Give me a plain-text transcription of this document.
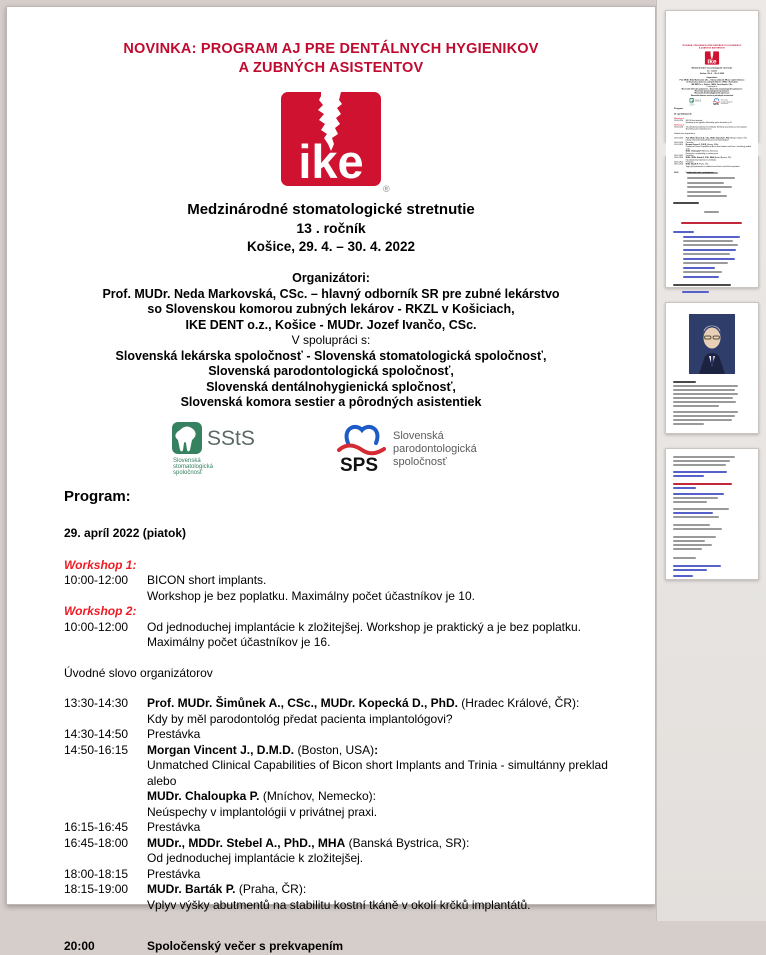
NOVINKA: PROGRAM AJ PRE DENTÁLNYCH HYGIENIKOV
A ZUBNÝCH ASISTENTOV
ike
®
Medzinárodné stomatologické stretnutie
13 . ročník
Košice, 29. 4. – 30. 4. 2022
Organizátori:
Prof. MUDr. Neda Markovská, CSc. – hlavný odborník SR pre zubné lekárstvo
so Slovenskou komorou zubných lekárov - RKZL v Košiciach,
IKE DENT o.z., Košice - MUDr. Jozef Ivančo, CSc.
V spolupráci s:
Slovenská lekárska spoločnosť - Slovenská stomatologická spoločnosť,
Slovenská parodontologická spoločnosť,
Slovenská dentálnohygienická spločnosť,
Slovenská komora sestier a pôrodných asistentiek
SStS
Slovenská
stomatologická
spoločnosť	SPS
Slovenská
parodontologická
spoločnosť
Program:
29. apríl 2022 (piatok)
Workshop 1:
10:00-12:00	BICON short implants.
Workshop je bez poplatku. Maximálny počet účastníkov je 10.
Workshop 2:
10:00-12:00	Od jednoduchej implantácie k zložitejšej. Workshop je praktický a je bez poplatku.
Maximálny počet účastníkov je 16.
Úvodné slovo organizátorov
13:30-14:30	Prof. MUDr. Šimůnek A., CSc., MUDr. Kopecká D., PhD. (Hradec Králové, ČR):
Kdy by měl parodontológ předat pacienta implantológovi?
14:30-14:50	Prestávka
14:50-16:15	Morgan Vincent J., D.M.D. (Boston, USA):
Unmatched Clinical Capabilities of Bicon short Implants and Trinia - simultánny preklad
alebo
MUDr. Chaloupka P. (Mníchov, Nemecko):
Neúspechy v implantológii v privátnej praxi.
16:15-16:45	Prestávka
16:45-18:00	MUDr., MDDr. Stebel A., PhD., MHA (Banská Bystrica, SR):
Od jednoduchej implantácie k zložitejšej.
18:00-18:15	Prestávka
18:15-19:00	MUDr. Barták P. (Praha, ČR):
Vplyv výšky abutmentů na stabilitu kostní tkáně v okolí krčků implantátů.
20:00	Spoločenský večer s prekvapením
NOVINKA: PROGRAM AJ PRE DENTÁLNYCH HYGIENIKOV
A ZUBNÝCH ASISTENTOV
ike
®
Medzinárodné stomatologické stretnutie
13 . ročník
Košice, 29. 4. – 30. 4. 2022
Organizátori:
Prof. MUDr. Neda Markovská, CSc. – hlavný odborník SR pre zubné lekárstvo
so Slovenskou komorou zubných lekárov - RKZL v Košiciach,
IKE DENT o.z., Košice - MUDr. Jozef Ivančo, CSc.
V spolupráci s:
Slovenská lekárska spoločnosť - Slovenská stomatologická spoločnosť,
Slovenská parodontologická spoločnosť,
Slovenská dentálnohygienická spločnosť,
Slovenská komora sestier a pôrodných asistentiek
SStS
Slovenská
stomatologická
spoločnosť SPS
Slovenská
parodontologická
spoločnosť
Program:
29. apríl 2022 (piatok)
Workshop 1:
10:00-12:00 BICON short implants.
Workshop je bez poplatku. Maximálny počet účastníkov je 10.
Workshop 2:
10:00-12:00 Od jednoduchej implantácie k zložitejšej. Workshop je praktický a je bez poplatku.
Maximálny počet účastníkov je 16.
Úvodné slovo organizátorov
13:30-14:30 Prof. MUDr. Šimůnek A., CSc., MUDr. Kopecká D., PhD. (Hradec Králové, ČR):
Kdy by měl parodontológ předat pacienta implantológovi?
14:30-14:50 Prestávka
14:50-16:15 Morgan Vincent J., D.M.D. (Boston, USA):
Unmatched Clinical Capabilities of Bicon short Implants and Trinia - simultánny preklad
alebo
MUDr. Chaloupka P. (Mníchov, Nemecko):
Neúspechy v implantológii v privátnej praxi.
16:15-16:45 Prestávka
16:45-18:00 MUDr., MDDr. Stebel A., PhD., MHA (Banská Bystrica, SR):
Od jednoduchej implantácie k zložitejšej.
18:00-18:15 Prestávka
18:15-19:00 MUDr. Barták P. (Praha, ČR):
Vplyv výšky abutmentů na stabilitu kostní tkáně v okolí krčků implantátů.
20:00 Spoločenský večer s prekvapením
